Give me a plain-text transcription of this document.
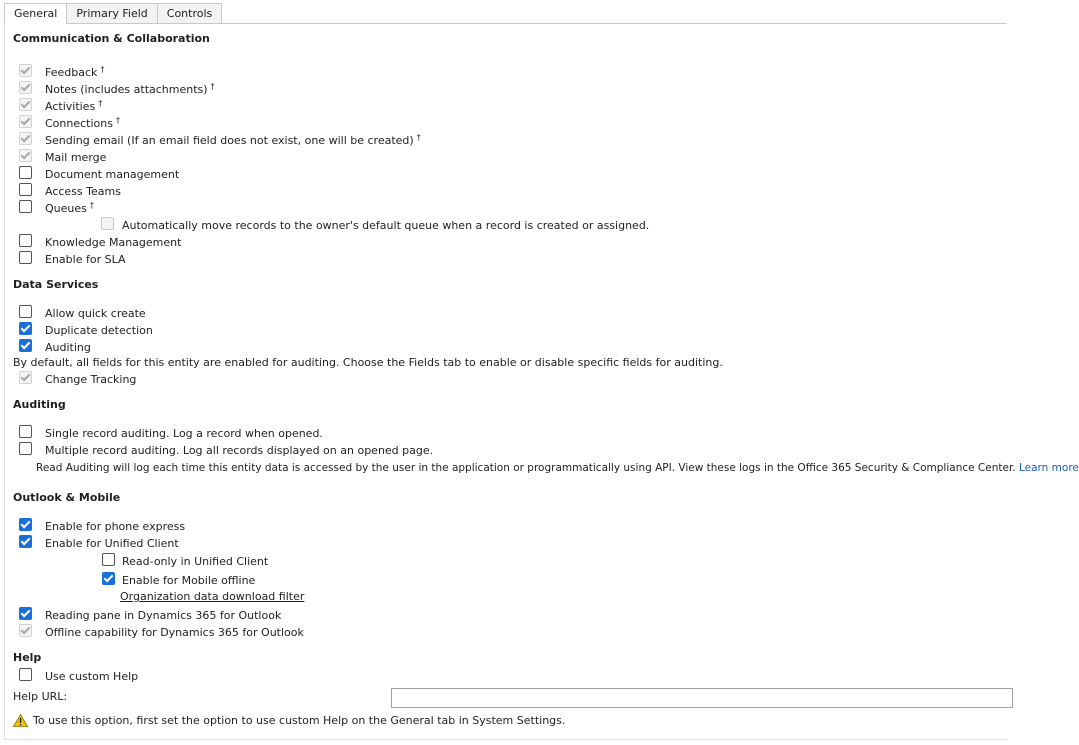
General	Primary Field	Controls
Communication & Collaboration
Feedback †
Notes (includes attachments) †
Activities †
Connections †
Sending email (If an email field does not exist, one will be created) †
Mail merge
Document management
Access Teams
Queues †
Automatically move records to the owner's default queue when a record is created or assigned.
Knowledge Management
Enable for SLA
Data Services
Allow quick create
Duplicate detection
Auditing
By default, all fields for this entity are enabled for auditing. Choose the Fields tab to enable or disable specific fields for auditing.
Change Tracking
Auditing
Single record auditing. Log a record when opened.
Multiple record auditing. Log all records displayed on an opened page.
Read Auditing will log each time this entity data is accessed by the user in the application or programmatically using API. View these logs in the Office 365 Security & Compliance Center. Learn more
Outlook & Mobile
Enable for phone express
Enable for Unified Client
Read-only in Unified Client
Enable for Mobile offline
Organization data download filter
Reading pane in Dynamics 365 for Outlook
Offline capability for Dynamics 365 for Outlook
Help
Use custom Help
Help URL:
To use this option, first set the option to use custom Help on the General tab in System Settings.
